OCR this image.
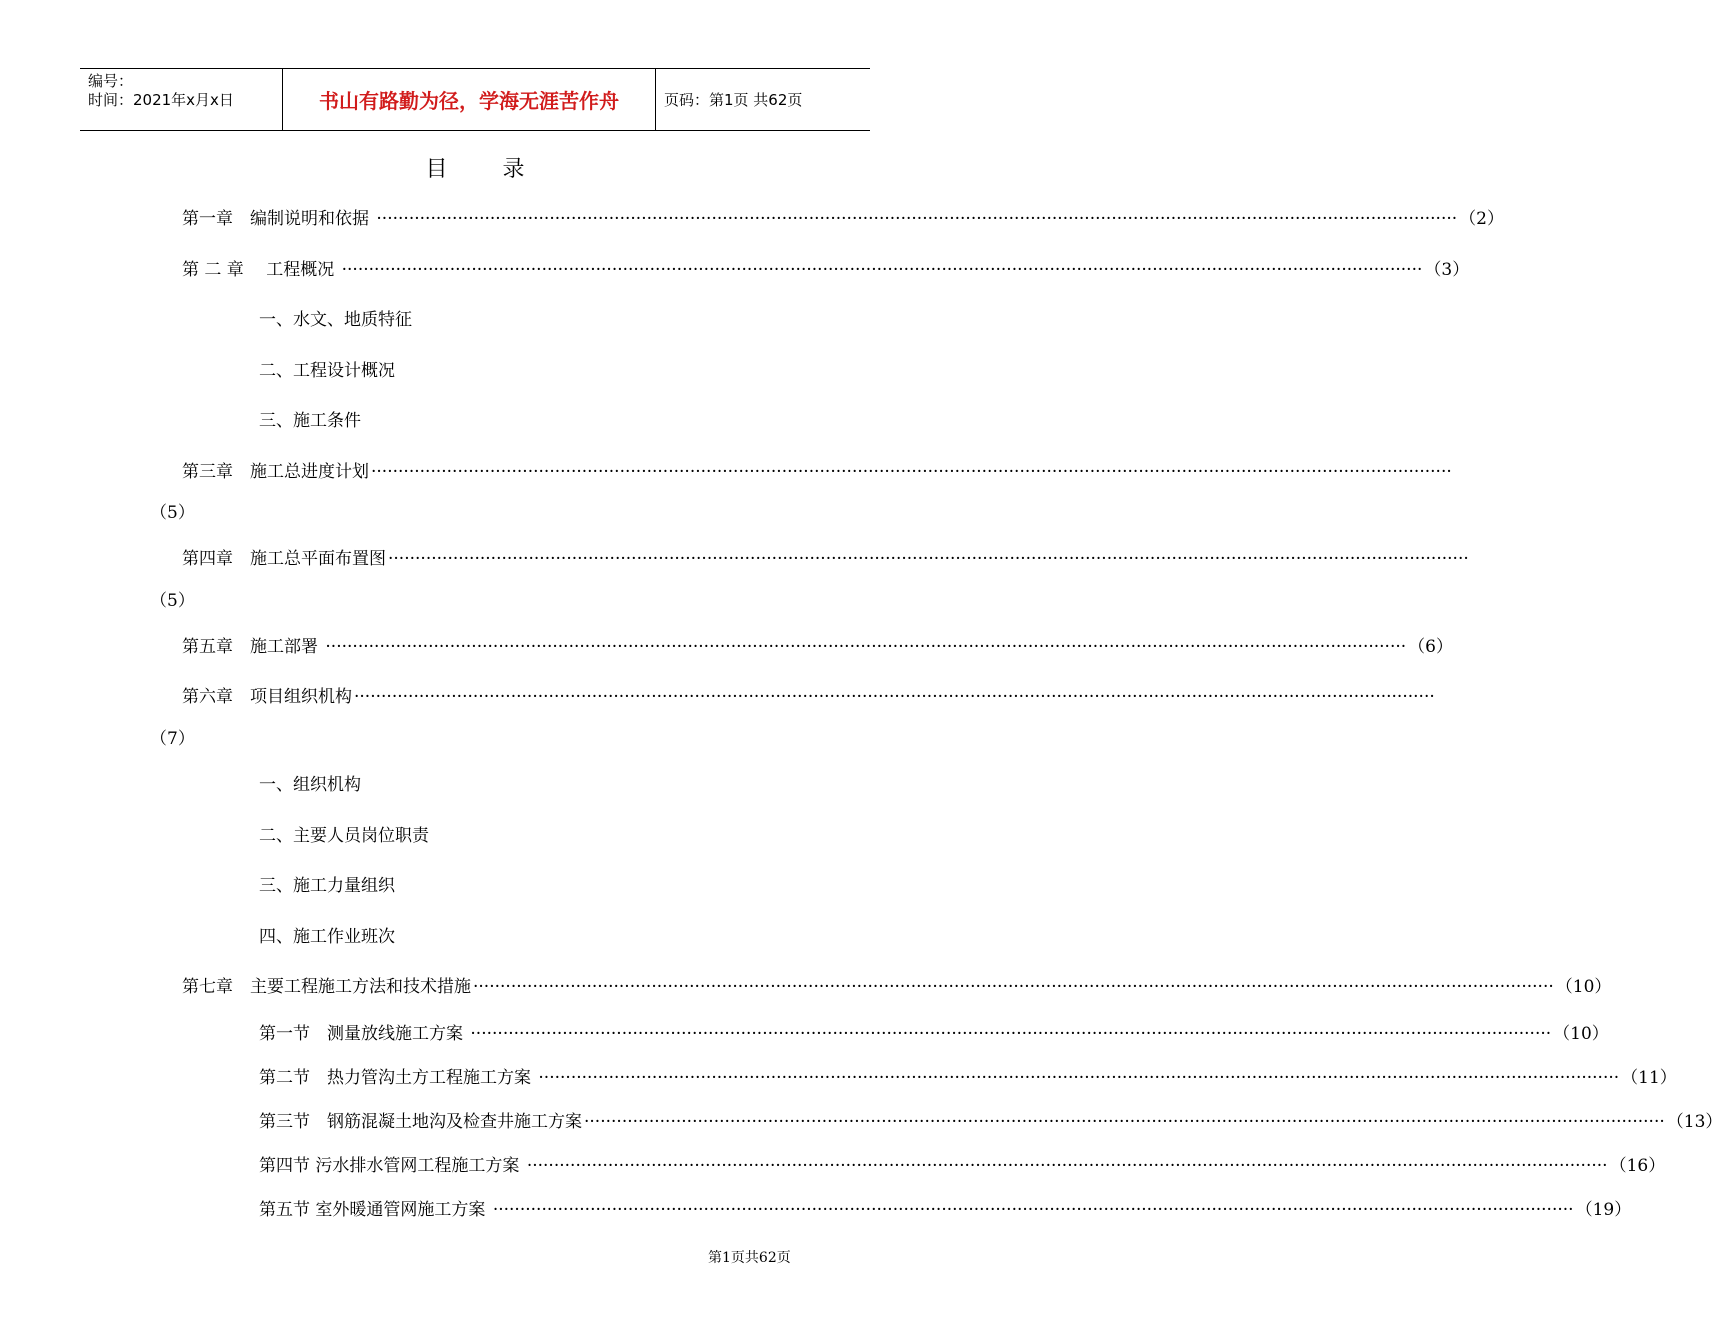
编号：
时间：2021年x月x日	书山有路勤为径，学海无涯苦作舟	页码：第1页 共62页
目录
第一章　编制说明和依据 ········································································································································································································ （2）
第 二 章　 工程概况 ········································································································································································································ （3）
一、水文、地质特征
二、工程设计概况
三、施工条件
第三章　施工总进度计划 ········································································································································································································
（5）
第四章　施工总平面布置图 ········································································································································································································
（5）
第五章　施工部署 ········································································································································································································ （6）
第六章　项目组织机构 ········································································································································································································
（7）
一、组织机构
二、主要人员岗位职责
三、施工力量组织
四、施工作业班次
第七章　主要工程施工方法和技术措施 ········································································································································································································ （10）
第一节　测量放线施工方案 ········································································································································································································ （10）
第二节　热力管沟土方工程施工方案 ········································································································································································································ （11）
第三节　钢筋混凝土地沟及检查井施工方案 ········································································································································································································ （13）
第四节 污水排水管网工程施工方案 ········································································································································································································ （16）
第五节 室外暖通管网施工方案 ········································································································································································································ （19）
第1页共62页
